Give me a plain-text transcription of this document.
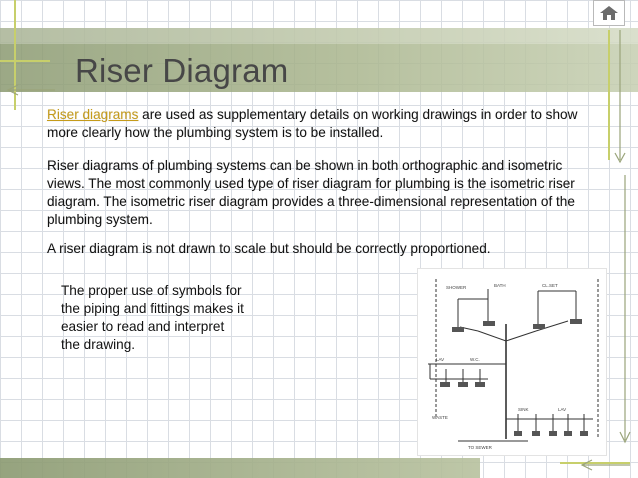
Riser Diagram
Riser diagrams are used as supplementary details on working drawings in order to show more clearly how the plumbing system is to be installed.
Riser diagrams of plumbing systems can be shown in both orthographic and isometric views. The most commonly used type of riser diagram for plumbing is the isometric riser diagram. The isometric riser diagram provides a three-dimensional representation of the plumbing system.
A riser diagram is not drawn to scale but should be correctly proportioned.
The proper use of symbols for the piping and fittings makes it easier to read and interpret the drawing.
SHOWER	BATH	CL.SET
LAV	W.C.
WASTE
SINK	LAV
TO SEWER
